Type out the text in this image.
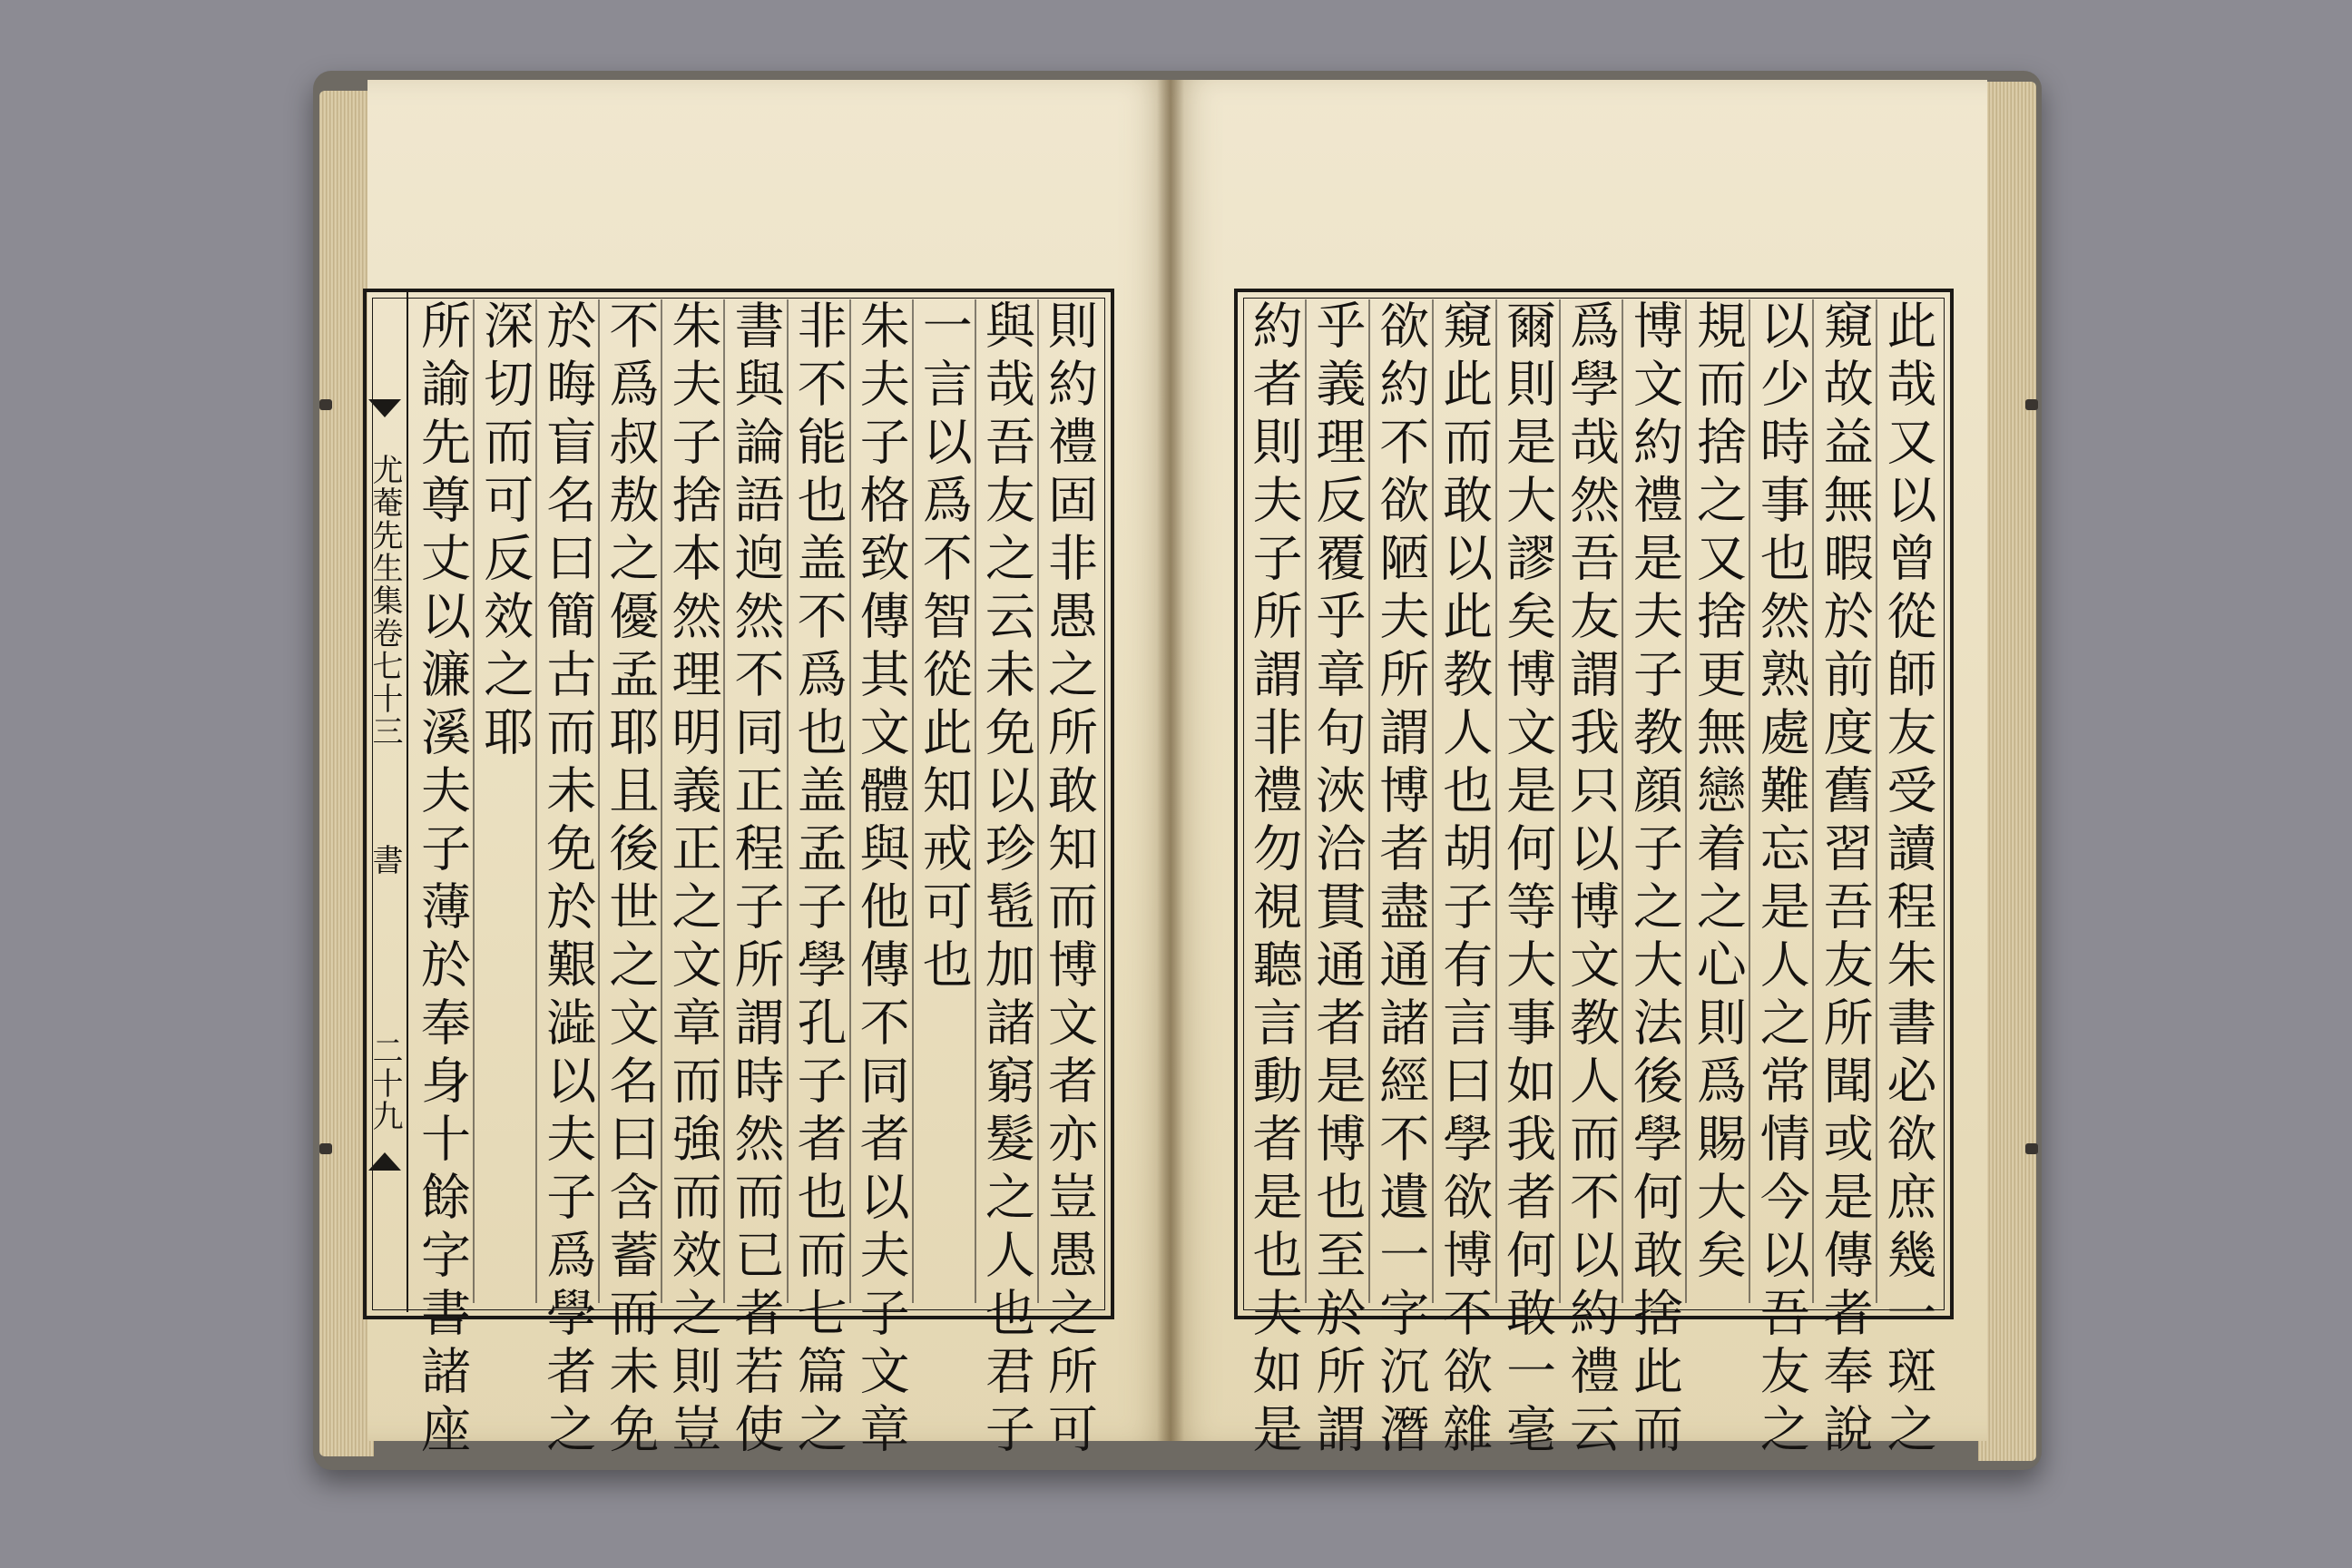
尤菴先生集卷七十三
書
二十九	則約禮固非愚之所敢知而博文者亦豈愚之所可
與哉吾友之云未免以珍髢加諸窮髮之人也君子
一言以爲不智從此知戒可也
朱夫子格致傳其文體與他傳不同者以夫子文章
非不能也盖不爲也盖孟子學孔子者也而七篇之
書與論語逈然不同正程子所謂時然而已者若使
朱夫子捨本然理明義正之文章而強而效之則豈
不爲叔敖之優孟耶且後世之文名曰含蓄而未免
於晦盲名曰簡古而未免於艱澁以夫子爲學者之
深切而可反效之耶
所諭先尊丈以濂溪夫子薄於奉身十餘字書諸座	此哉又以曾從師友受讀程朱書必欲庶幾一斑之
窺故益無暇於前度舊習吾友所聞或是傳者奉說
以少時事也然熟處難忘是人之常情今以吾友之
規而捨之又捨更無戀着之心則爲賜大矣
博文約禮是夫子教顔子之大法後學何敢捨此而
爲學哉然吾友謂我只以博文教人而不以約禮云
爾則是大謬矣博文是何等大事如我者何敢一毫
窺此而敢以此教人也胡子有言曰學欲博不欲雜
欲約不欲陋夫所謂博者盡通諸經不遺一字沉潛
乎義理反覆乎章句浹洽貫通者是博也至於所謂
約者則夫子所謂非禮勿視聽言動者是也夫如是
